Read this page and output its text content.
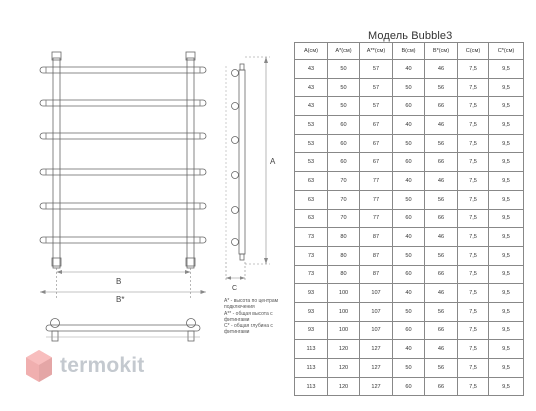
B
B*
A
C
A* - высота по центрам
подключения
A** - общая высота с
фитингами
C* - общая глубина с
фитингами
Модель Bubble3
A(см)	A*(см)	A**(см)	B(см)	B*(см)	C(см)	C*(см)
43	50	57	40	46	7,5	9,5
43	50	57	50	56	7,5	9,5
43	50	57	60	66	7,5	9,5
53	60	67	40	46	7,5	9,5
53	60	67	50	56	7,5	9,5
53	60	67	60	66	7,5	9,5
63	70	77	40	46	7,5	9,5
63	70	77	50	56	7,5	9,5
63	70	77	60	66	7,5	9,5
73	80	87	40	46	7,5	9,5
73	80	87	50	56	7,5	9,5
73	80	87	60	66	7,5	9,5
93	100	107	40	46	7,5	9,5
93	100	107	50	56	7,5	9,5
93	100	107	60	66	7,5	9,5
113	120	127	40	46	7,5	9,5
113	120	127	50	56	7,5	9,5
113	120	127	60	66	7,5	9,5
termokit
